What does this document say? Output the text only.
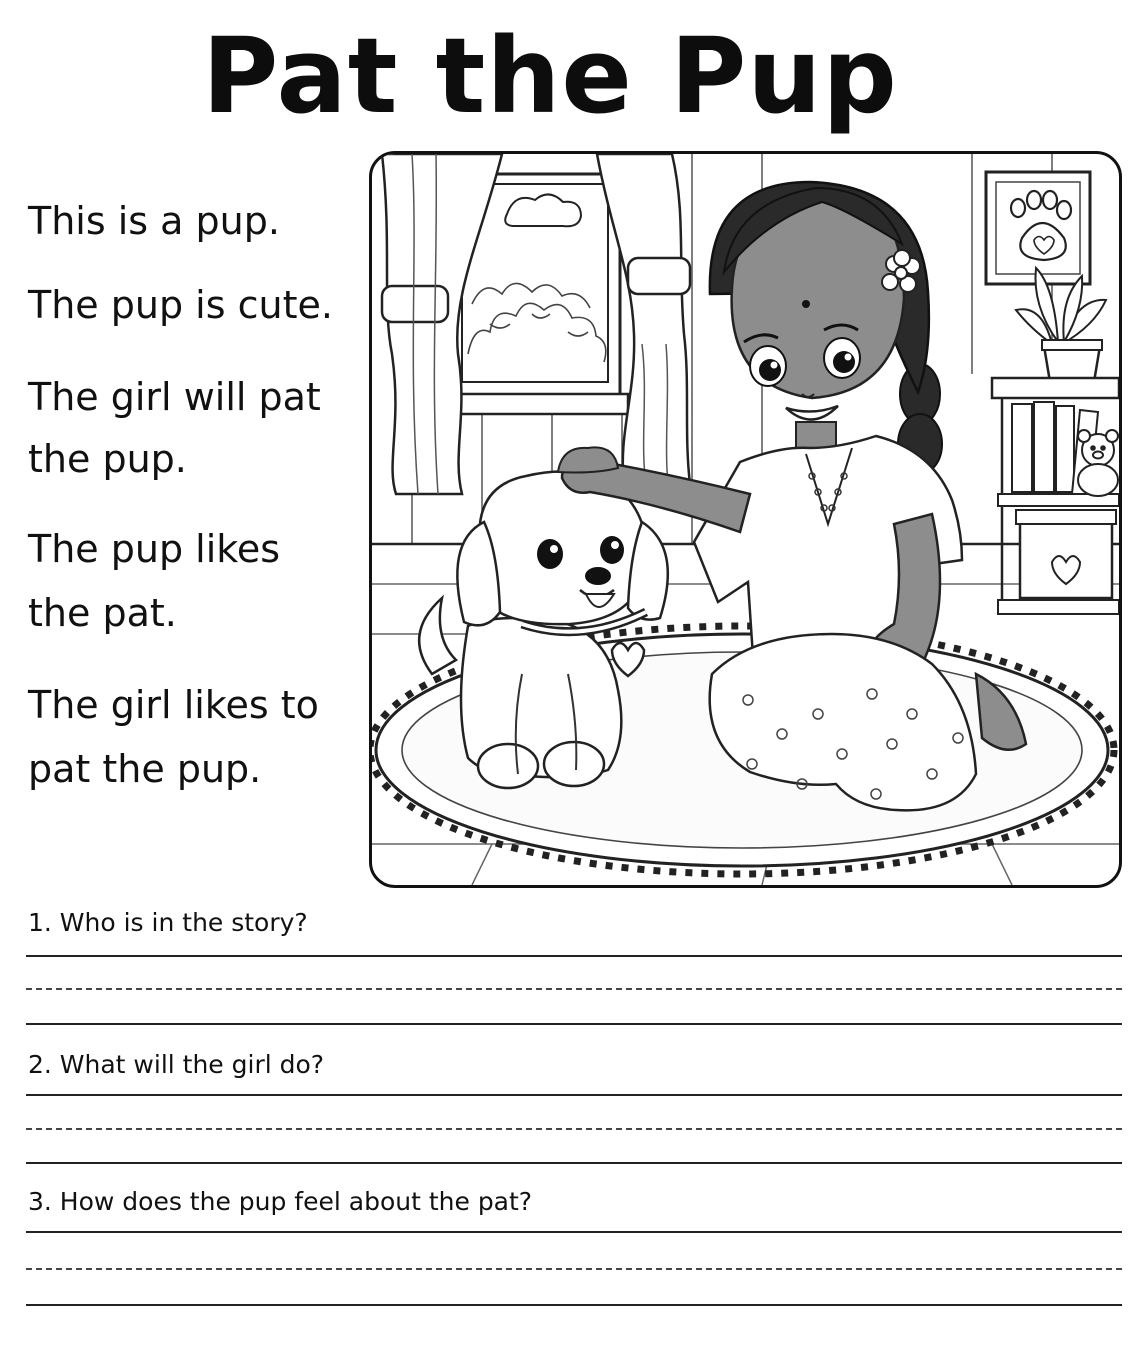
Pat the Pup
This is a pup.
The pup is cute.
The girl will pat
the pup.
The pup likes
the pat.
The girl likes to
pat the pup.
1. Who is in the story?
2. What will the girl do?
3. How does the pup feel about the pat?
